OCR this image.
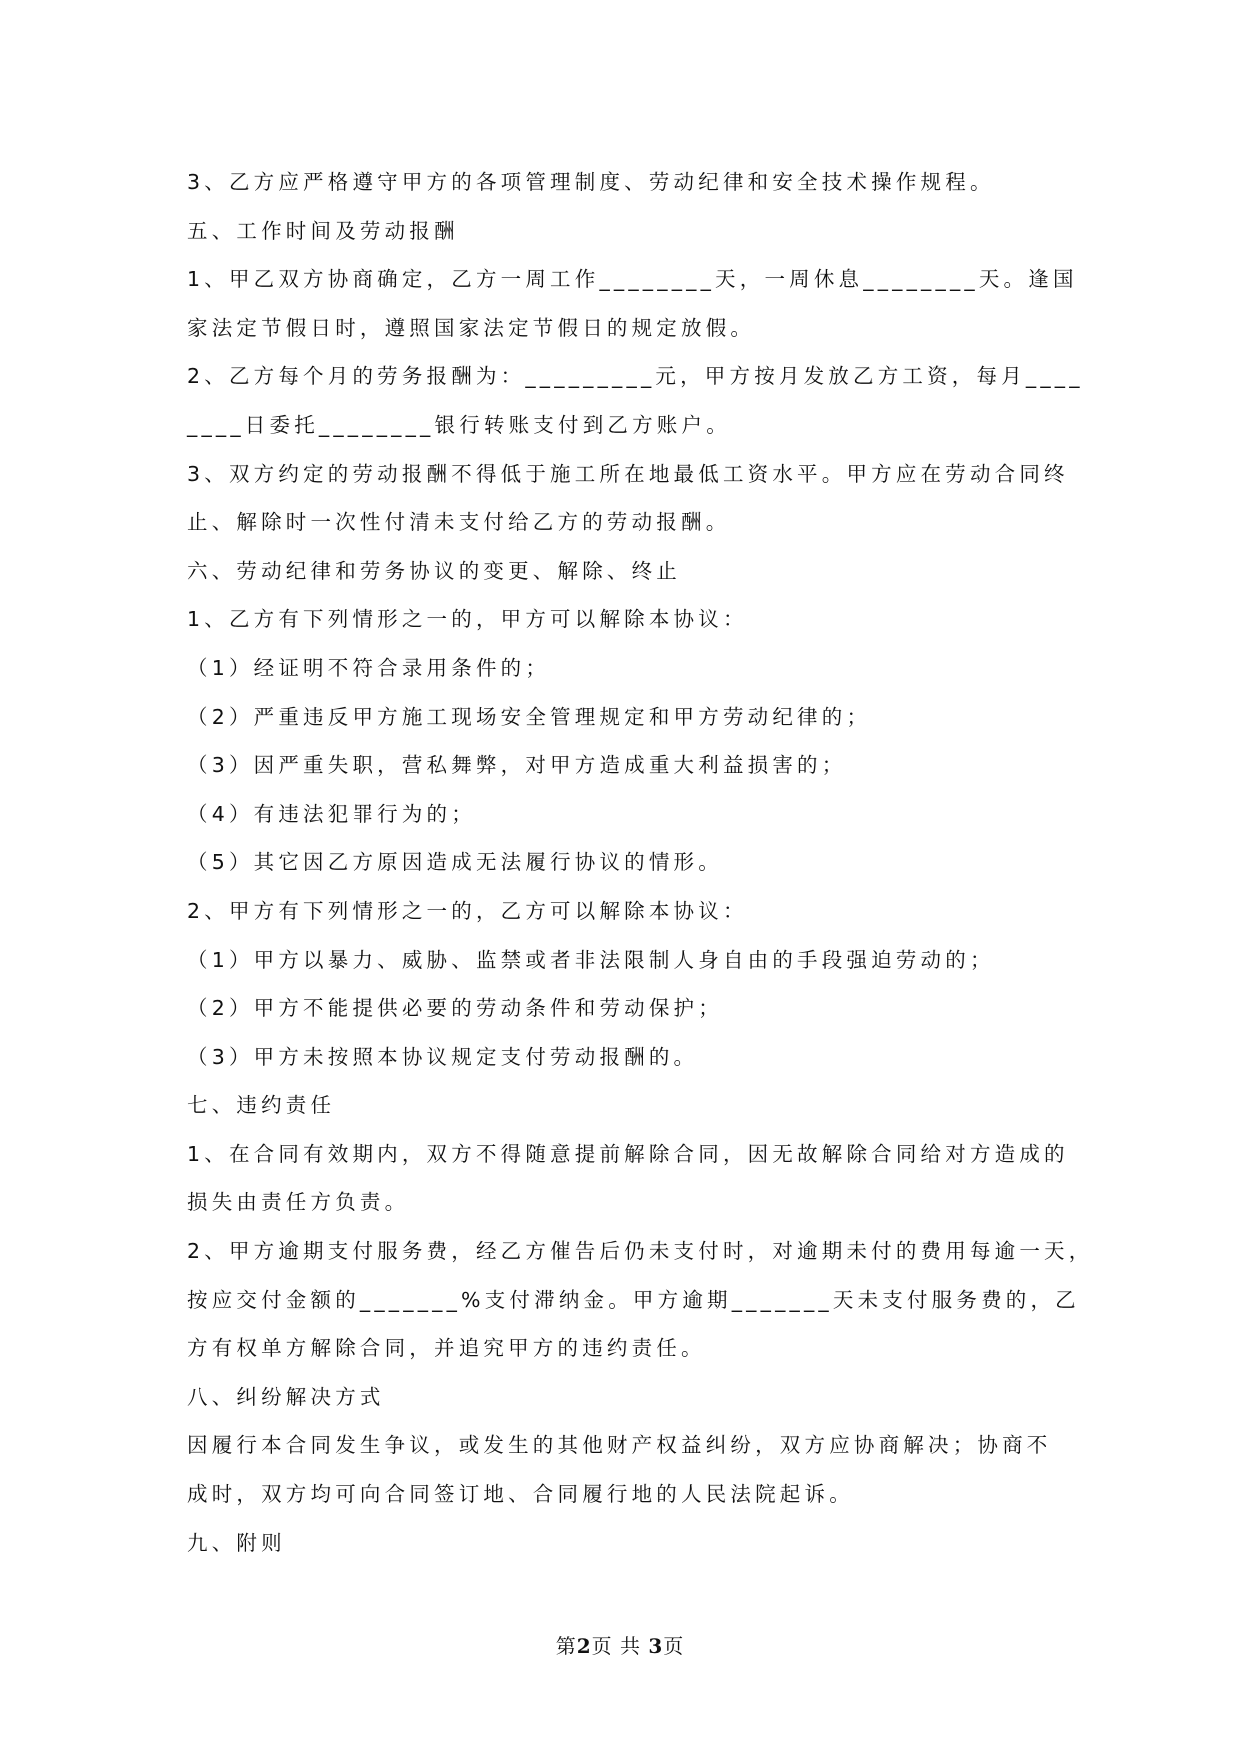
3、乙方应严格遵守甲方的各项管理制度、劳动纪律和安全技术操作规程。
五、工作时间及劳动报酬
1、甲乙双方协商确定，乙方一周工作________天，一周休息________天。逢国
家法定节假日时，遵照国家法定节假日的规定放假。
2、乙方每个月的劳务报酬为：_________元，甲方按月发放乙方工资，每月____
____日委托________银行转账支付到乙方账户。
3、双方约定的劳动报酬不得低于施工所在地最低工资水平。甲方应在劳动合同终
止、解除时一次性付清未支付给乙方的劳动报酬。
六、劳动纪律和劳务协议的变更、解除、终止
1、乙方有下列情形之一的，甲方可以解除本协议：
（1）经证明不符合录用条件的；
（2）严重违反甲方施工现场安全管理规定和甲方劳动纪律的；
（3）因严重失职，营私舞弊，对甲方造成重大利益损害的；
（4）有违法犯罪行为的；
（5）其它因乙方原因造成无法履行协议的情形。
2、甲方有下列情形之一的，乙方可以解除本协议：
（1）甲方以暴力、威胁、监禁或者非法限制人身自由的手段强迫劳动的；
（2）甲方不能提供必要的劳动条件和劳动保护；
（3）甲方未按照本协议规定支付劳动报酬的。
七、违约责任
1、在合同有效期内，双方不得随意提前解除合同，因无故解除合同给对方造成的
损失由责任方负责。
2、甲方逾期支付服务费，经乙方催告后仍未支付时，对逾期未付的费用每逾一天，
按应交付金额的_______%支付滞纳金。甲方逾期_______天未支付服务费的，乙
方有权单方解除合同，并追究甲方的违约责任。
八、纠纷解决方式
因履行本合同发生争议，或发生的其他财产权益纠纷，双方应协商解决；协商不
成时，双方均可向合同签订地、合同履行地的人民法院起诉。
九、附则
第2页 共 3页
